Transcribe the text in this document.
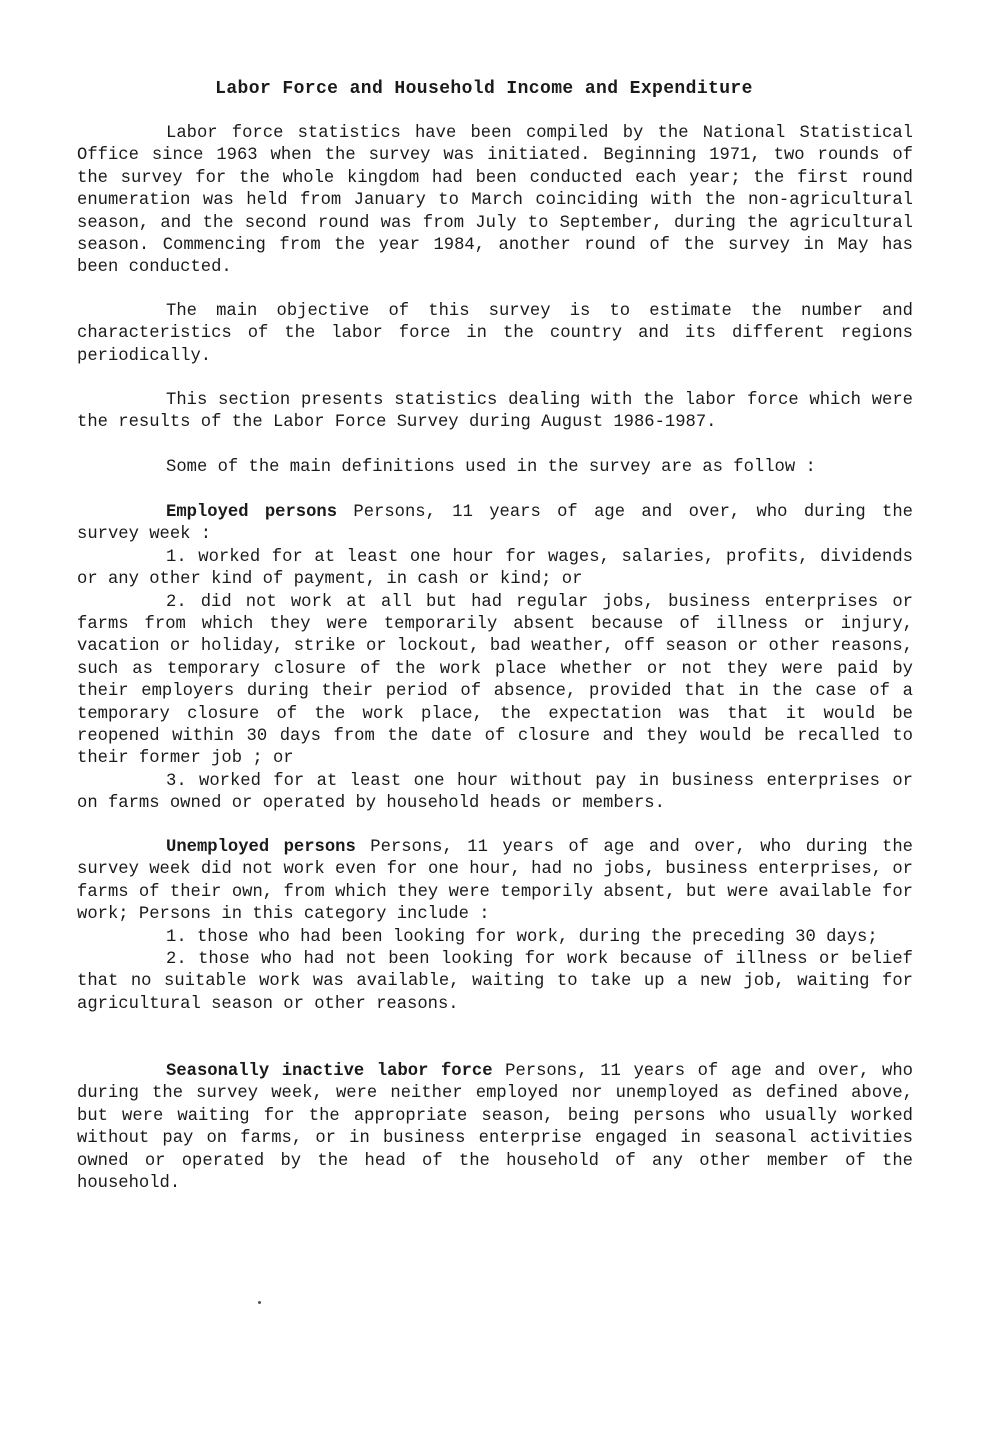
Labor Force and Household Income and Expenditure

Labor force statistics have been compiled by the National Statistical Office since 1963 when the survey was initiated. Beginning 1971, two rounds of the survey for the whole kingdom had been conducted each year; the first round enumeration was held from January to March coinciding with the non-agricultural season, and the second round was from July to September, during the agricultural season. Commencing from the year 1984, another round of the survey in May has been conducted.

The main objective of this survey is to estimate the number and characteristics of the labor force in the country and its different regions periodically.

This section presents statistics dealing with the labor force which were the results of the Labor Force Survey during August 1986-1987.

Some of the main definitions used in the survey are as follow :

Employed persons Persons, 11 years of age and over, who during the survey week :
1. worked for at least one hour for wages, salaries, profits, dividends or any other kind of payment, in cash or kind; or
2. did not work at all but had regular jobs, business enterprises or farms from which they were temporarily absent because of illness or injury, vacation or holiday, strike or lockout, bad weather, off season or other reasons, such as temporary closure of the work place whether or not they were paid by their employers during their period of absence, provided that in the case of a temporary closure of the work place, the expectation was that it would be reopened within 30 days from the date of closure and they would be recalled to their former job ; or
3. worked for at least one hour without pay in business enterprises or on farms owned or operated by household heads or members.
Unemployed persons Persons, 11 years of age and over, who during the survey week did not work even for one hour, had no jobs, business enterprises, or farms of their own, from which they were temporily absent, but were available for work; Persons in this category include :
1. those who had been looking for work, during the preceding 30 days;
2. those who had not been looking for work because of illness or belief that no suitable work was available, waiting to take up a new job, waiting for agricultural season or other reasons.
Seasonally inactive labor force Persons, 11 years of age and over, who during the survey week, were neither employed nor unemployed as defined above, but were waiting for the appropriate season, being persons who usually worked without pay on farms, or in business enterprise engaged in seasonal activities owned or operated by the head of the household of any other member of the household.
